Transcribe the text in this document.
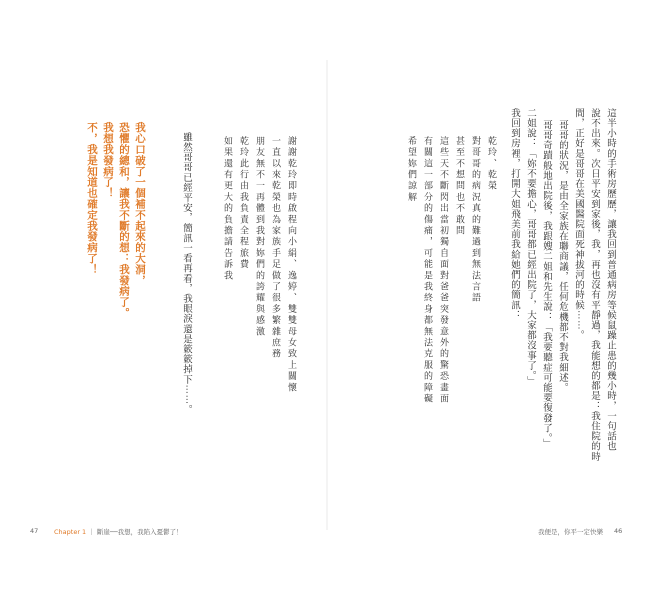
這半小時的手術房歷歷，讓我回到普通病房等候鼠躁止患的幾小時，一句話也
說不出來。次日平安到家後，我，再也沒有平靜過，我能想的都是：我住院的時
間，正好是哥哥在美國醫院面死神拔河的時候⋯⋯。
哥哥的狀況，是由全家族在聯商議，任何危機都不對我細述。
哥哥奇蹟般地出院後，我跟嫂二姐和先生說：「我要聽症可能要復發了。」
二姐說：「妳不要擔心，哥哥都已經出院了，大家都沒事了。」
我回到房裡，打開大姐飛美前我給她們的簡訊：
乾玲、乾榮
對哥哥的病況真的難過到無法言語
甚至不想問也不敢問
這些天不斷閃出當初獨自面對爸爸突發意外的驚恐畫面
有關這一部分的傷痛，可能是我終身都無法克服的障礙
希望妳們諒解
我便是，你平一定快樂 46
謝謝乾玲即時啟程向小絹、逸婷、雙雙母女致上關懷
一直以來乾榮也為家族手足做了很多繁雜庶務
朋友無不一再體到我對妳們的誇耀與感激
乾玲此行由我負責全程旅費
如果還有更大的負擔請告訴我
雖然哥哥已經平安，簡訊一看再看，我眼淚還是簌簌掉下⋯⋯。
我心口破了一個補不起來的大洞，
恐懼的總和，讓我不斷的想：我發病了。
我想我發病了！
不，我是知道也確定我發病了！
47 Chapter 1 ｜ 斷崖──我想，我陷入憂鬱了！
